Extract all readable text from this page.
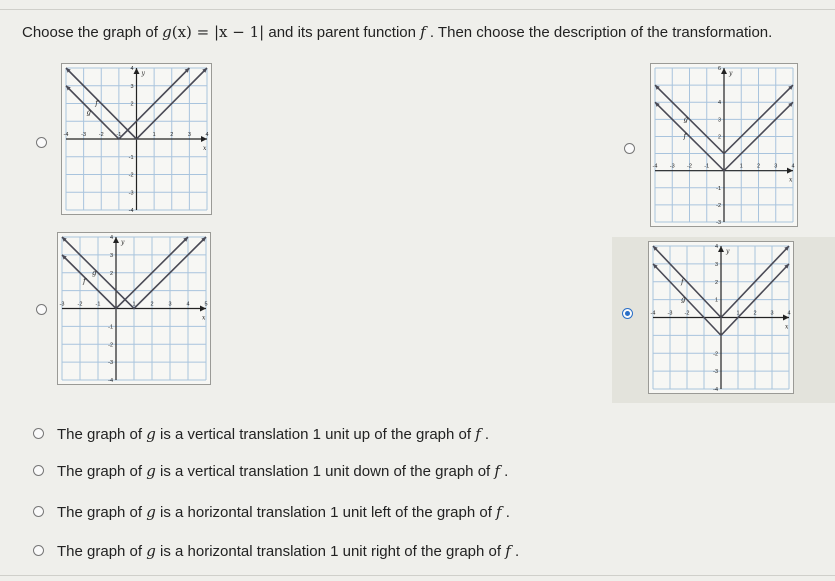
Choose the graph of g(x) = |x − 1| and its parent function f . Then choose the description of the transformation.
x
y
-4 -3 -2 -1	1	2	3	4
4
3
2
-1
-2
-3
-4
f
g
x
y
-4 -3 -2 -1	1	2	3	4
6
4
3
2
-1
-2
-3
f
g
x
y
-3 -2 -1	1	2	3	4	5
4
3
2
-1
-2
-3
-4
f
g
x
y
-4 -3 -2	1	2	3	4
4
3
2
1
-2
-3
-4
f
g
The graph of g is a vertical translation 1 unit up of the graph of f .
The graph of g is a vertical translation 1 unit down of the graph of f .
The graph of g is a horizontal translation 1 unit left of the graph of f .
The graph of g is a horizontal translation 1 unit right of the graph of f .
